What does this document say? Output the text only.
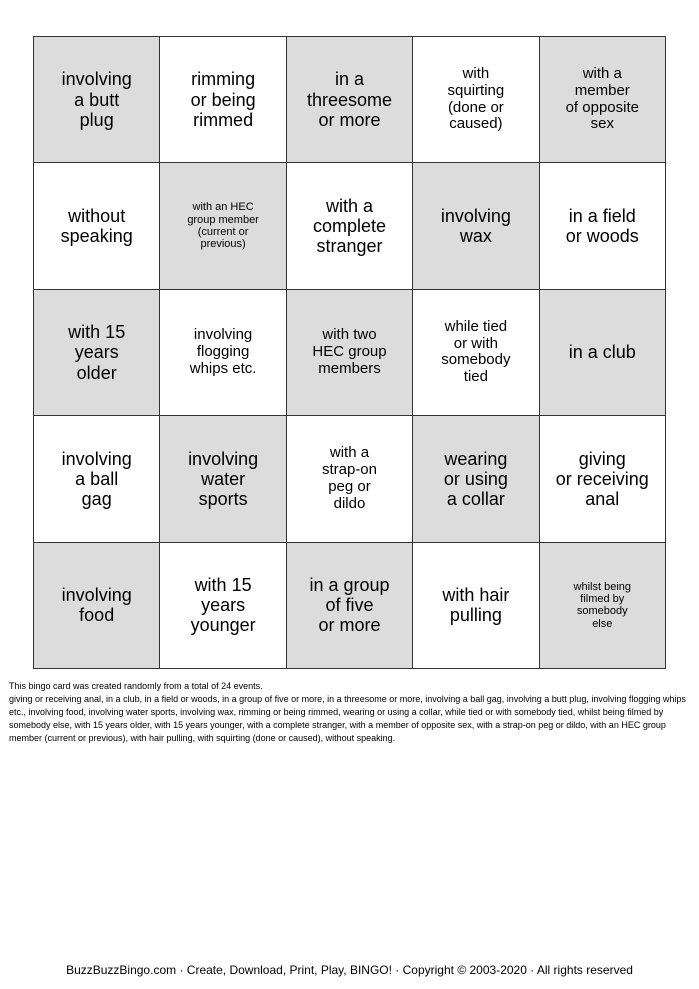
involving
a butt
plug
rimming
or being
rimmed
in a
threesome
or more
with
squirting
(done or
caused)
with a
member
of opposite
sex
without
speaking
with an HEC
group member
(current or
previous)
with a
complete
stranger
involving
wax
in a field
or woods
with 15
years
older
involving
flogging
whips etc.
with two
HEC group
members
while tied
or with
somebody
tied
in a club
involving
a ball
gag
involving
water
sports
with a
strap-on
peg or
dildo
wearing
or using
a collar
giving
or receiving
anal
involving
food
with 15
years
younger
in a group
of five
or more
with hair
pulling
whilst being
filmed by
somebody
else
This bingo card was created randomly from a total of 24 events.
giving or receiving anal, in a club, in a field or woods, in a group of five or more, in a threesome or more, involving a ball gag, involving a butt plug, involving flogging whips etc., involving food, involving water sports, involving wax, rimming or being rimmed, wearing or using a collar, while tied or with somebody tied, whilst being filmed by somebody else, with 15 years older, with 15 years younger, with a complete stranger, with a member of opposite sex, with a strap-on peg or dildo, with an HEC group member (current or previous), with hair pulling, with squirting (done or caused), without speaking.
BuzzBuzzBingo.com · Create, Download, Print, Play, BINGO! · Copyright © 2003-2020 · All rights reserved
